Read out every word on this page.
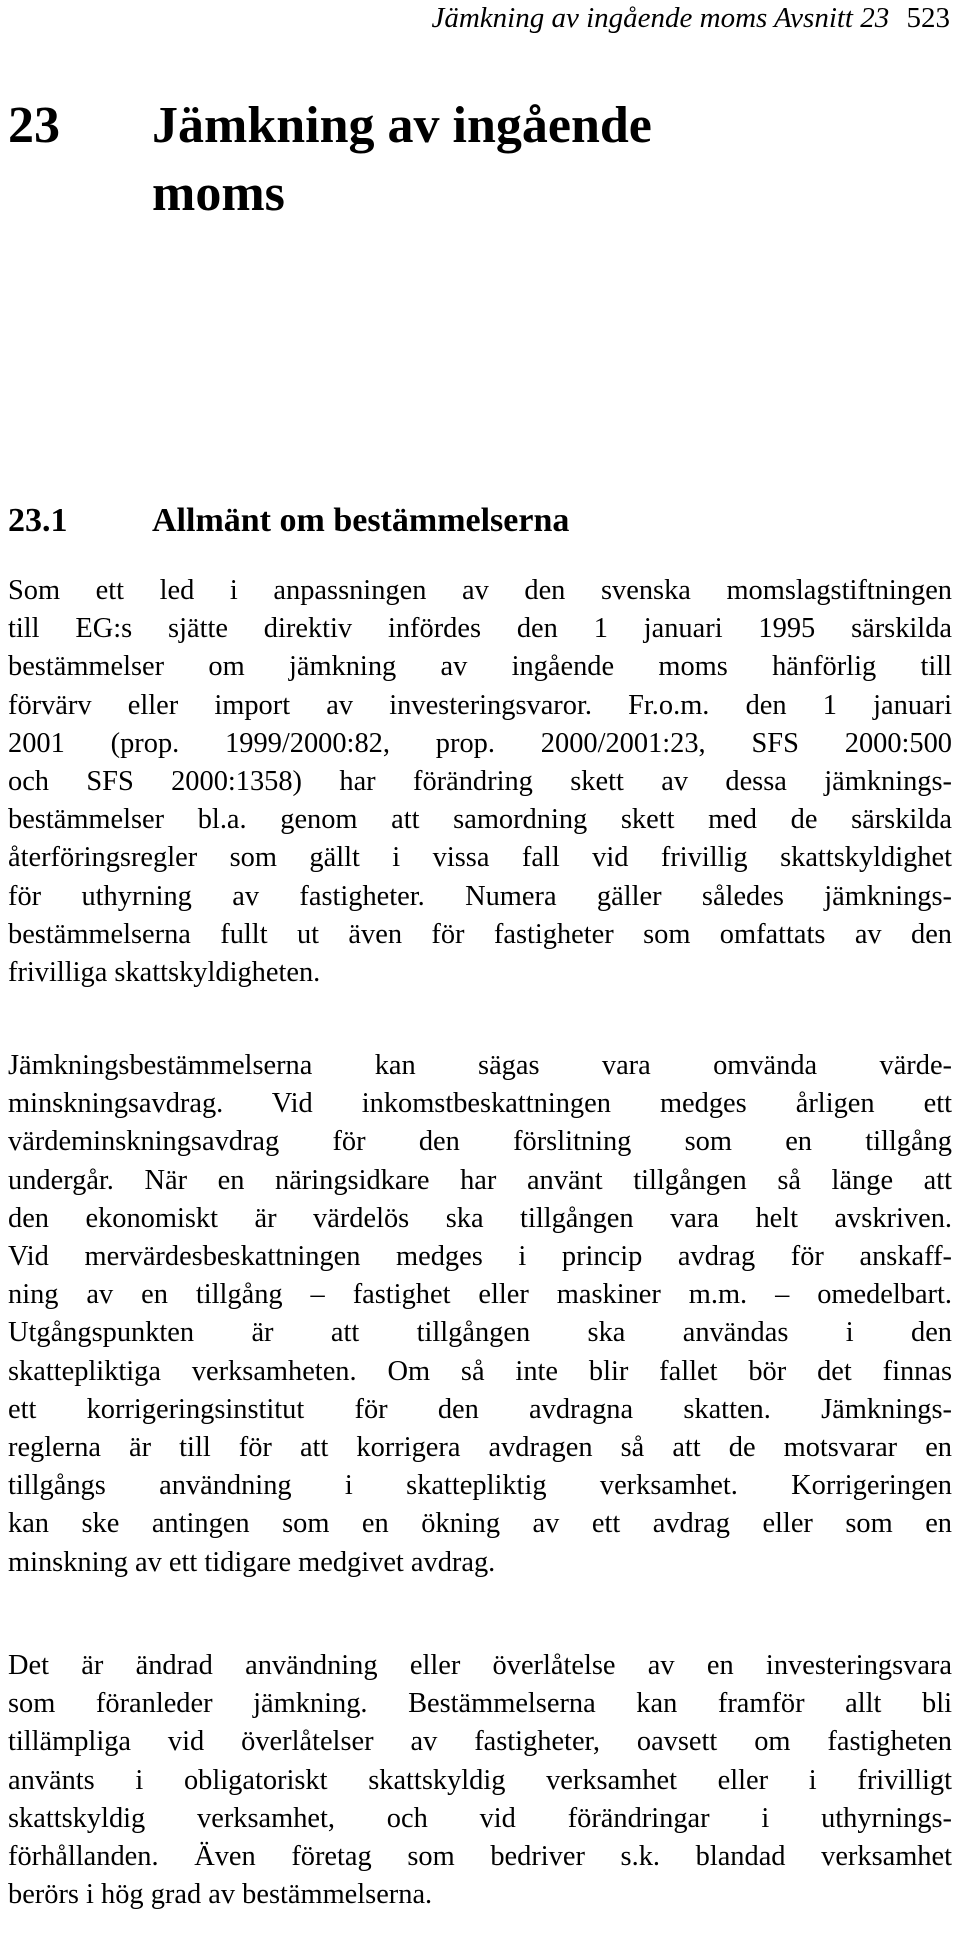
Jämkning av ingående moms Avsnitt 23 523
23	Jämkning av ingående
moms
23.1 Allmänt om bestämmelserna
Som ett led i anpassningen av den svenska momslagstiftningen
till EG:s sjätte direktiv infördes den 1 januari 1995 särskilda
bestämmelser om jämkning av ingående moms hänförlig till
förvärv eller import av investeringsvaror. Fr.o.m. den 1 januari
2001 (prop. 1999/2000:82, prop. 2000/2001:23, SFS 2000:500
och SFS 2000:1358) har förändring skett av dessa jämknings-
bestämmelser bl.a. genom att samordning skett med de särskilda
återföringsregler som gällt i vissa fall vid frivillig skattskyldighet
för uthyrning av fastigheter. Numera gäller således jämknings-
bestämmelserna fullt ut även för fastigheter som omfattats av den
frivilliga skattskyldigheten.
Jämkningsbestämmelserna kan sägas vara omvända värde-
minskningsavdrag. Vid inkomstbeskattningen medges årligen ett
värdeminskningsavdrag för den förslitning som en tillgång
undergår. När en näringsidkare har använt tillgången så länge att
den ekonomiskt är värdelös ska tillgången vara helt avskriven.
Vid mervärdesbeskattningen medges i princip avdrag för anskaff-
ning av en tillgång – fastighet eller maskiner m.m. – omedelbart.
Utgångspunkten är att tillgången ska användas i den
skattepliktiga verksamheten. Om så inte blir fallet bör det finnas
ett korrigeringsinstitut för den avdragna skatten. Jämknings-
reglerna är till för att korrigera avdragen så att de motsvarar en
tillgångs användning i skattepliktig verksamhet. Korrigeringen
kan ske antingen som en ökning av ett avdrag eller som en
minskning av ett tidigare medgivet avdrag.
Det är ändrad användning eller överlåtelse av en investeringsvara
som föranleder jämkning. Bestämmelserna kan framför allt bli
tillämpliga vid överlåtelser av fastigheter, oavsett om fastigheten
använts i obligatoriskt skattskyldig verksamhet eller i frivilligt
skattskyldig verksamhet, och vid förändringar i uthyrnings-
förhållanden. Även företag som bedriver s.k. blandad verksamhet
berörs i hög grad av bestämmelserna.
